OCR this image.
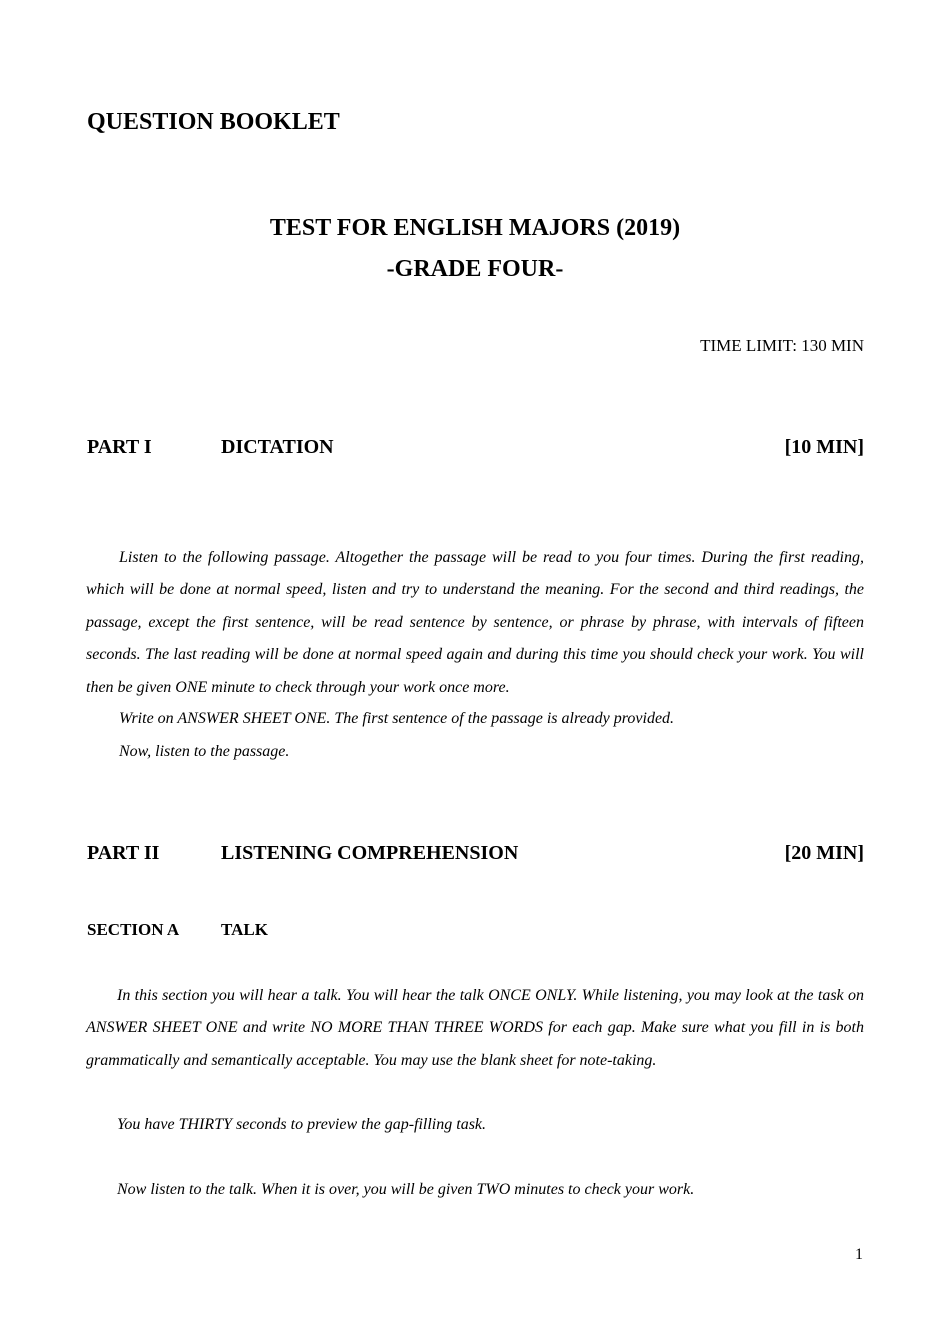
QUESTION BOOKLET
TEST FOR ENGLISH MAJORS (2019)
-GRADE FOUR-
TIME LIMIT: 130 MIN
PART I	DICTATION	[10 MIN]
Listen to the following passage. Altogether the passage will be read to you four times. During the first reading, which will be done at normal speed, listen and try to understand the meaning. For the second and third readings, the passage, except the first sentence, will be read sentence by sentence, or phrase by phrase, with intervals of fifteen seconds. The last reading will be done at normal speed again and during this time you should check your work. You will then be given ONE minute to check through your work once more.
Write on ANSWER SHEET ONE. The first sentence of the passage is already provided.
Now, listen to the passage.
PART II	LISTENING COMPREHENSION	[20 MIN]
SECTION A TALK
In this section you will hear a talk. You will hear the talk ONCE ONLY. While listening, you may look at the task on ANSWER SHEET ONE and write NO MORE THAN THREE WORDS for each gap. Make sure what you fill in is both grammatically and semantically acceptable. You may use the blank sheet for note-taking.
You have THIRTY seconds to preview the gap-filling task.
Now listen to the talk. When it is over, you will be given TWO minutes to check your work.
1
